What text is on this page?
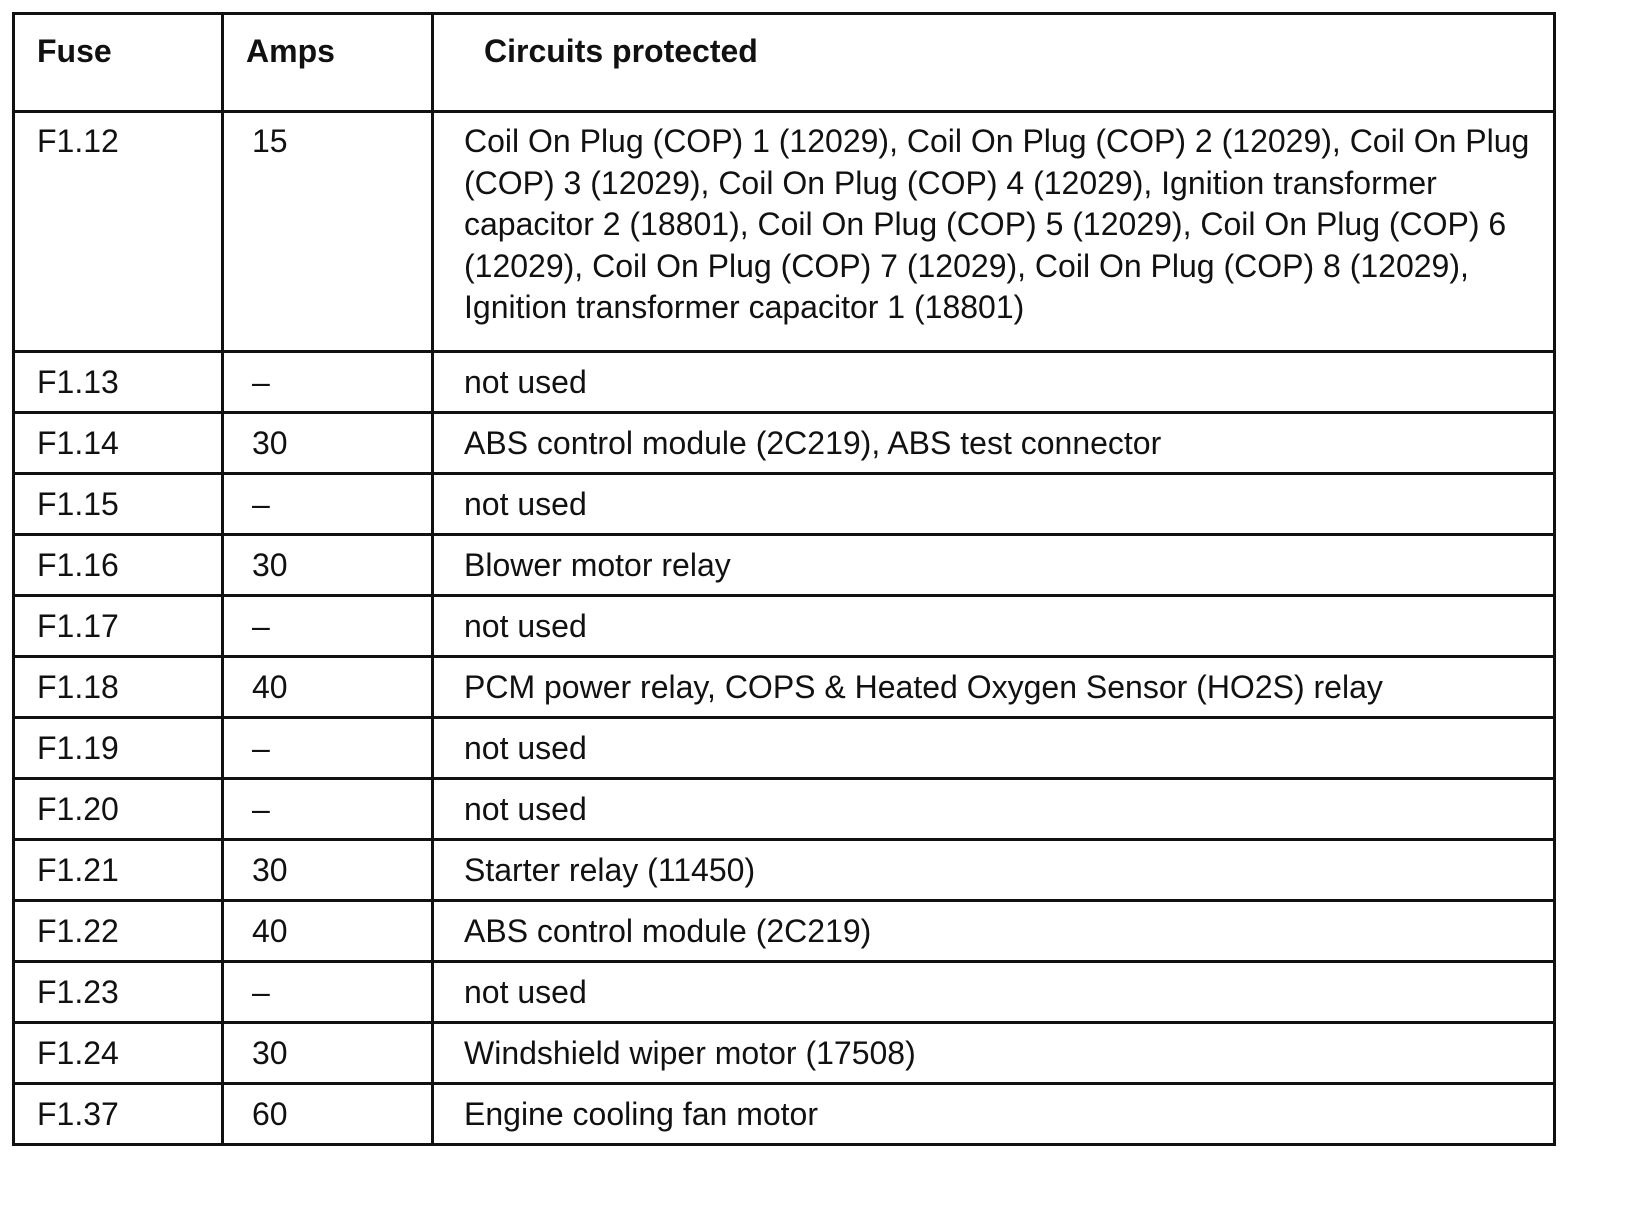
Fuse	Amps	Circuits protected
F1.12	15	Coil On Plug (COP) 1 (12029), Coil On Plug (COP) 2 (12029), Coil On Plug (COP) 3 (12029), Coil On Plug (COP) 4 (12029), Ignition transformer capacitor 2 (18801), Coil On Plug (COP) 5 (12029), Coil On Plug (COP) 6 (12029), Coil On Plug (COP) 7 (12029), Coil On Plug (COP) 8 (12029), Ignition transformer capacitor 1 (18801)
F1.13	–	not used
F1.14	30	ABS control module (2C219), ABS test connector
F1.15	–	not used
F1.16	30	Blower motor relay
F1.17	–	not used
F1.18	40	PCM power relay, COPS & Heated Oxygen Sensor (HO2S) relay
F1.19	–	not used
F1.20	–	not used
F1.21	30	Starter relay (11450)
F1.22	40	ABS control module (2C219)
F1.23	–	not used
F1.24	30	Windshield wiper motor (17508)
F1.37	60	Engine cooling fan motor
